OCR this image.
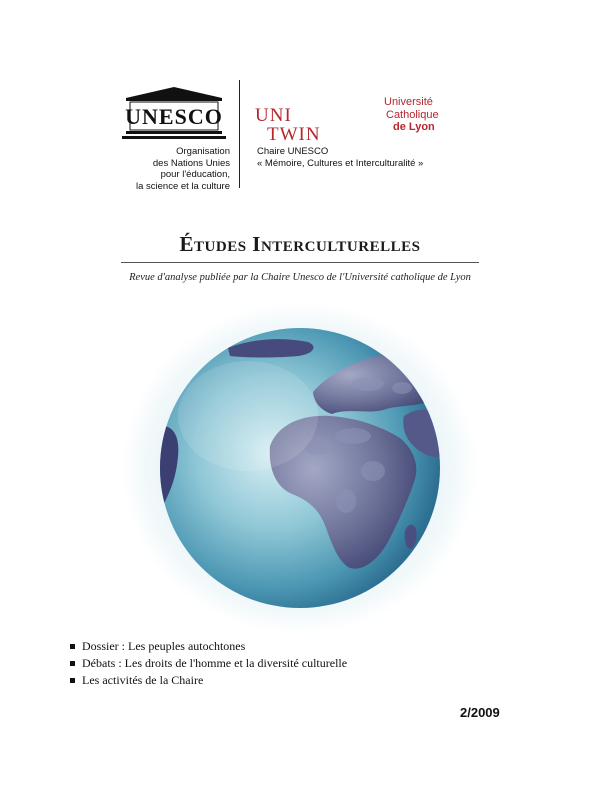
UNESCO
Organisation
des Nations Unies
pour l'éducation,
la science et la culture
UNI
TWIN
Université
Catholique
de Lyon
Chaire UNESCO
« Mémoire, Cultures et Interculturalité »
Études Interculturelles
Revue d'analyse publiée par la Chaire Unesco de l'Université catholique de Lyon
Dossier : Les peuples autochtones
Débats : Les droits de l'homme et la diversité culturelle
Les activités de la Chaire
2/2009
